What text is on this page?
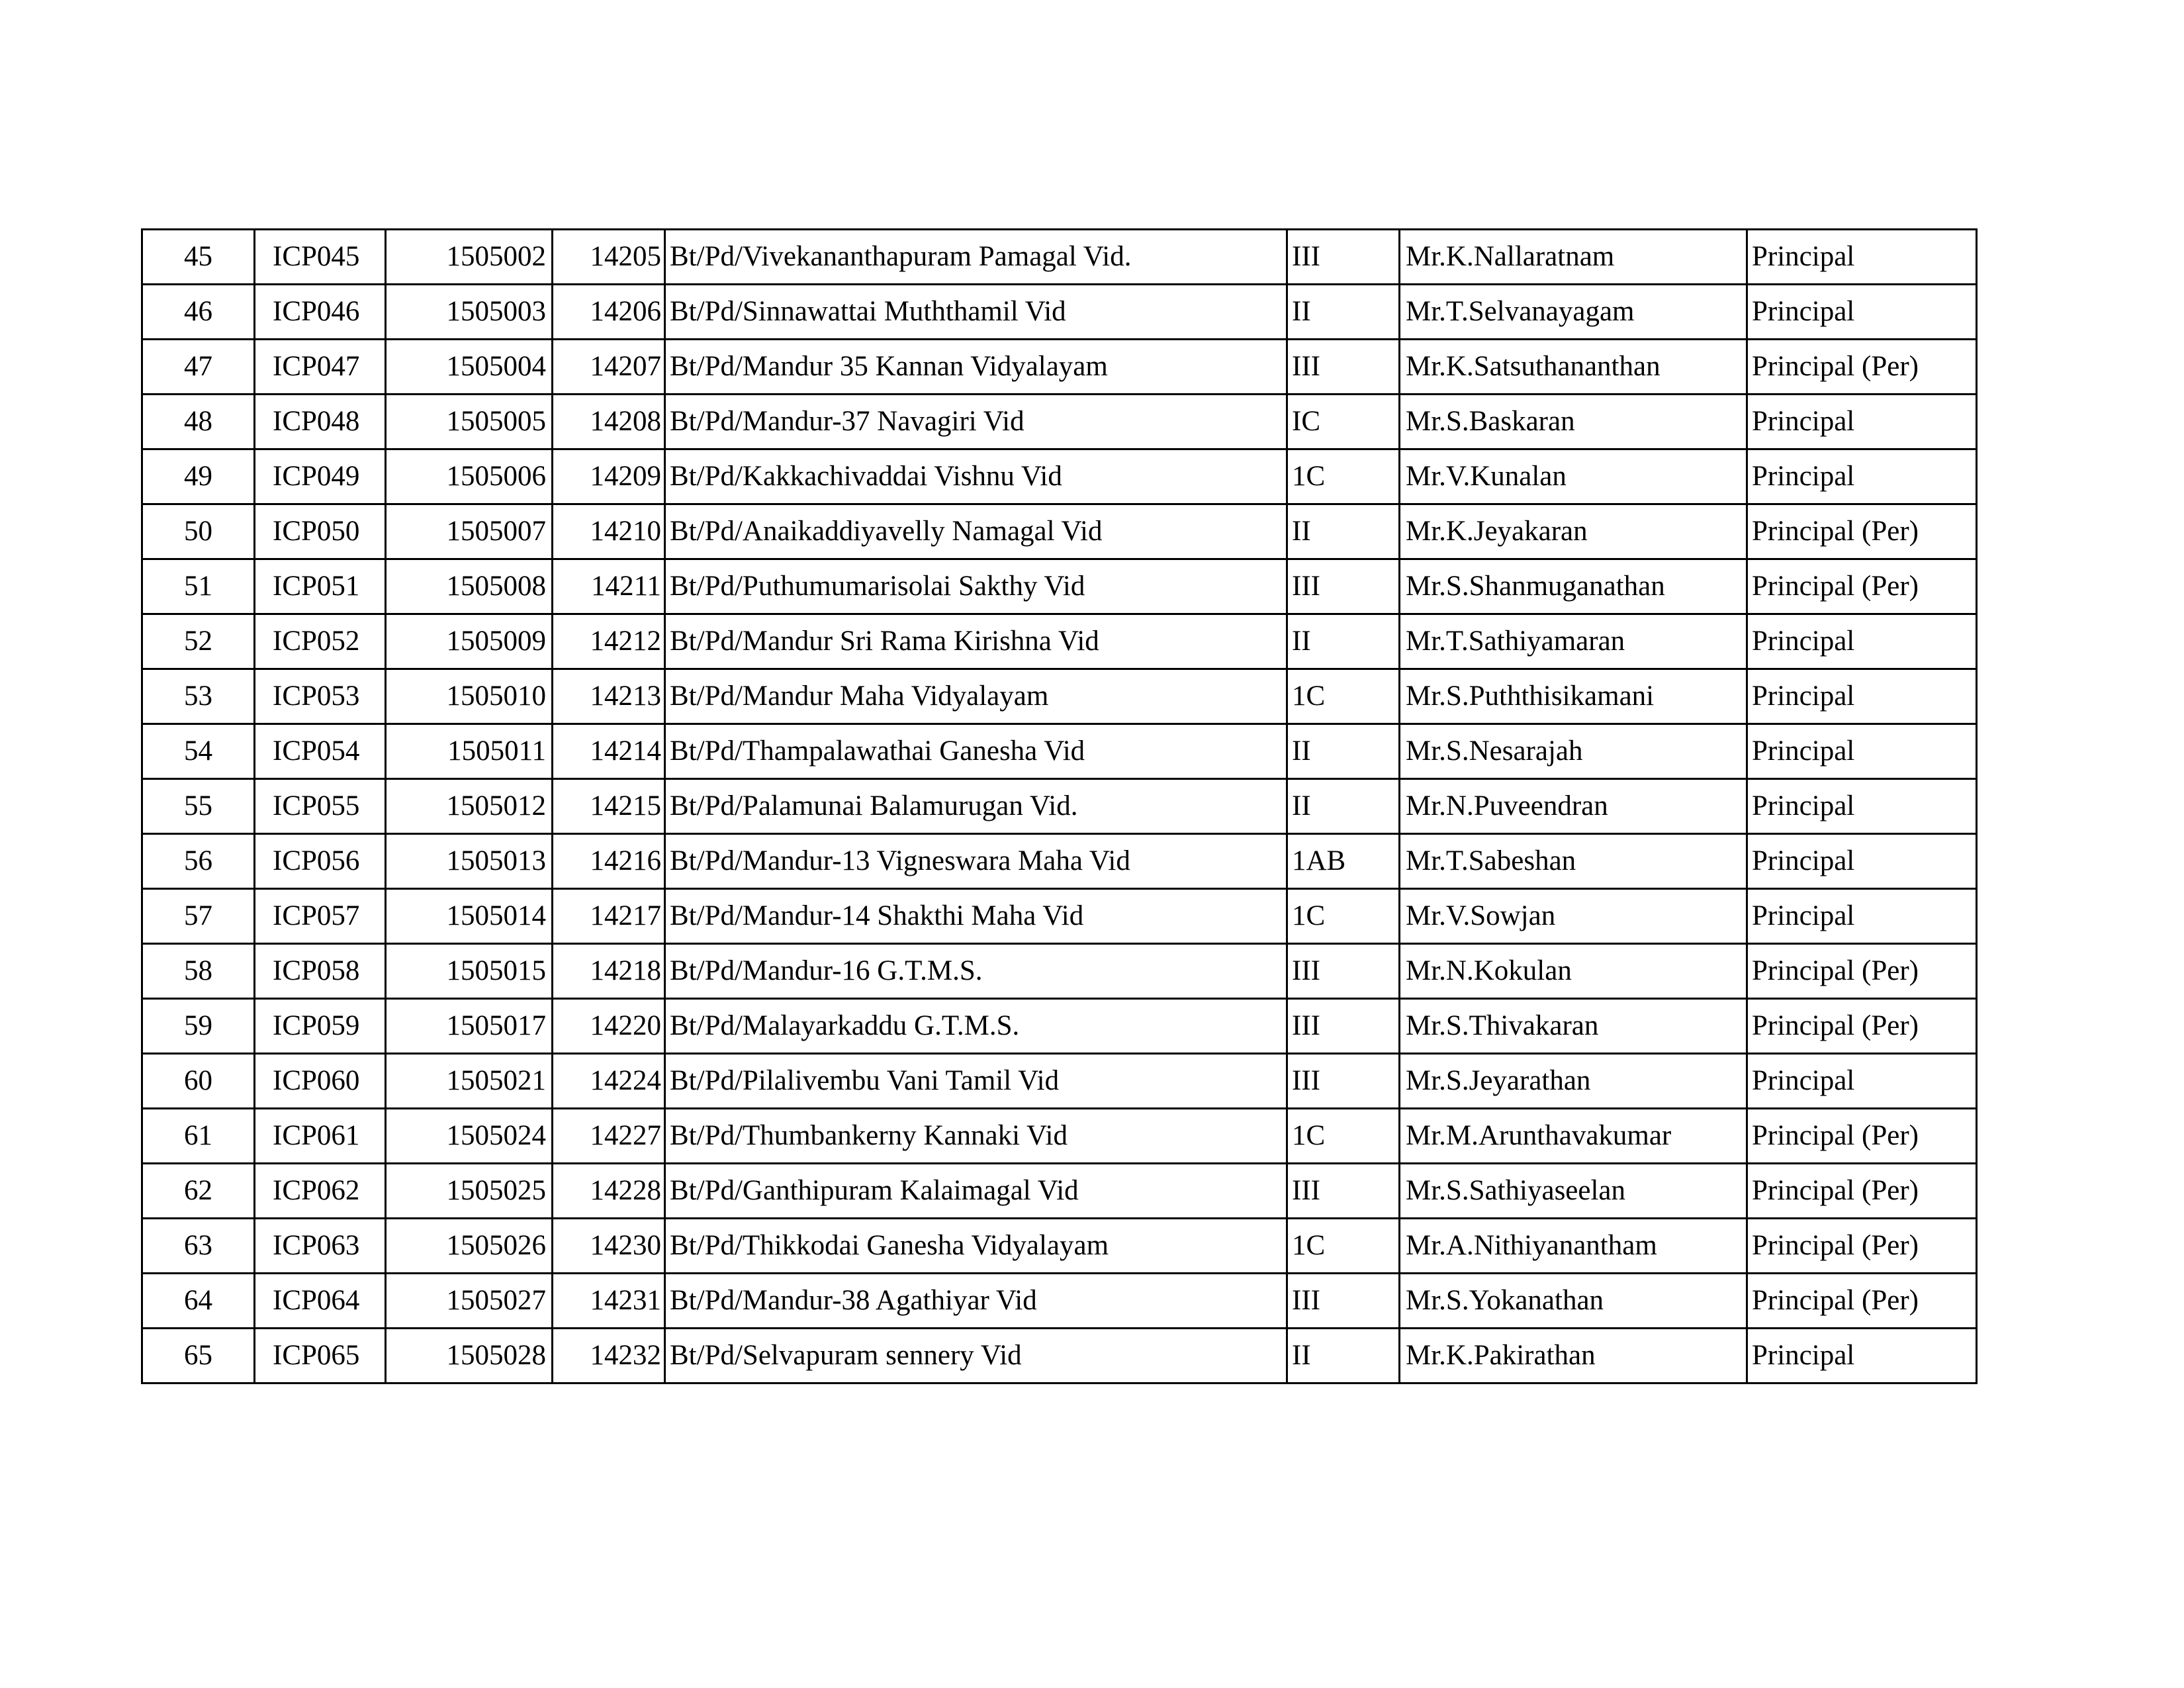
45	ICP045	1505002	14205	Bt/Pd/Vivekananthapuram Pamagal Vid.	III	Mr.K.Nallaratnam	Principal
46	ICP046	1505003	14206	Bt/Pd/Sinnawattai Muththamil Vid	II	Mr.T.Selvanayagam	Principal
47	ICP047	1505004	14207	Bt/Pd/Mandur 35 Kannan Vidyalayam	III	Mr.K.Satsuthananthan	Principal (Per)
48	ICP048	1505005	14208	Bt/Pd/Mandur-37 Navagiri Vid	IC	Mr.S.Baskaran	Principal
49	ICP049	1505006	14209	Bt/Pd/Kakkachivaddai Vishnu Vid	1C	Mr.V.Kunalan	Principal
50	ICP050	1505007	14210	Bt/Pd/Anaikaddiyavelly Namagal Vid	II	Mr.K.Jeyakaran	Principal (Per)
51	ICP051	1505008	14211	Bt/Pd/Puthumumarisolai Sakthy Vid	III	Mr.S.Shanmuganathan	Principal (Per)
52	ICP052	1505009	14212	Bt/Pd/Mandur Sri Rama Kirishna Vid	II	Mr.T.Sathiyamaran	Principal
53	ICP053	1505010	14213	Bt/Pd/Mandur Maha Vidyalayam	1C	Mr.S.Puththisikamani	Principal
54	ICP054	1505011	14214	Bt/Pd/Thampalawathai Ganesha Vid	II	Mr.S.Nesarajah	Principal
55	ICP055	1505012	14215	Bt/Pd/Palamunai Balamurugan Vid.	II	Mr.N.Puveendran	Principal
56	ICP056	1505013	14216	Bt/Pd/Mandur-13 Vigneswara Maha Vid	1AB	Mr.T.Sabeshan	Principal
57	ICP057	1505014	14217	Bt/Pd/Mandur-14 Shakthi Maha Vid	1C	Mr.V.Sowjan	Principal
58	ICP058	1505015	14218	Bt/Pd/Mandur-16 G.T.M.S.	III	Mr.N.Kokulan	Principal (Per)
59	ICP059	1505017	14220	Bt/Pd/Malayarkaddu G.T.M.S.	III	Mr.S.Thivakaran	Principal (Per)
60	ICP060	1505021	14224	Bt/Pd/Pilalivembu Vani Tamil Vid	III	Mr.S.Jeyarathan	Principal
61	ICP061	1505024	14227	Bt/Pd/Thumbankerny Kannaki Vid	1C	Mr.M.Arunthavakumar	Principal (Per)
62	ICP062	1505025	14228	Bt/Pd/Ganthipuram Kalaimagal Vid	III	Mr.S.Sathiyaseelan	Principal (Per)
63	ICP063	1505026	14230	Bt/Pd/Thikkodai Ganesha Vidyalayam	1C	Mr.A.Nithiyanantham	Principal (Per)
64	ICP064	1505027	14231	Bt/Pd/Mandur-38 Agathiyar Vid	III	Mr.S.Yokanathan	Principal (Per)
65	ICP065	1505028	14232	Bt/Pd/Selvapuram sennery Vid	II	Mr.K.Pakirathan	Principal
